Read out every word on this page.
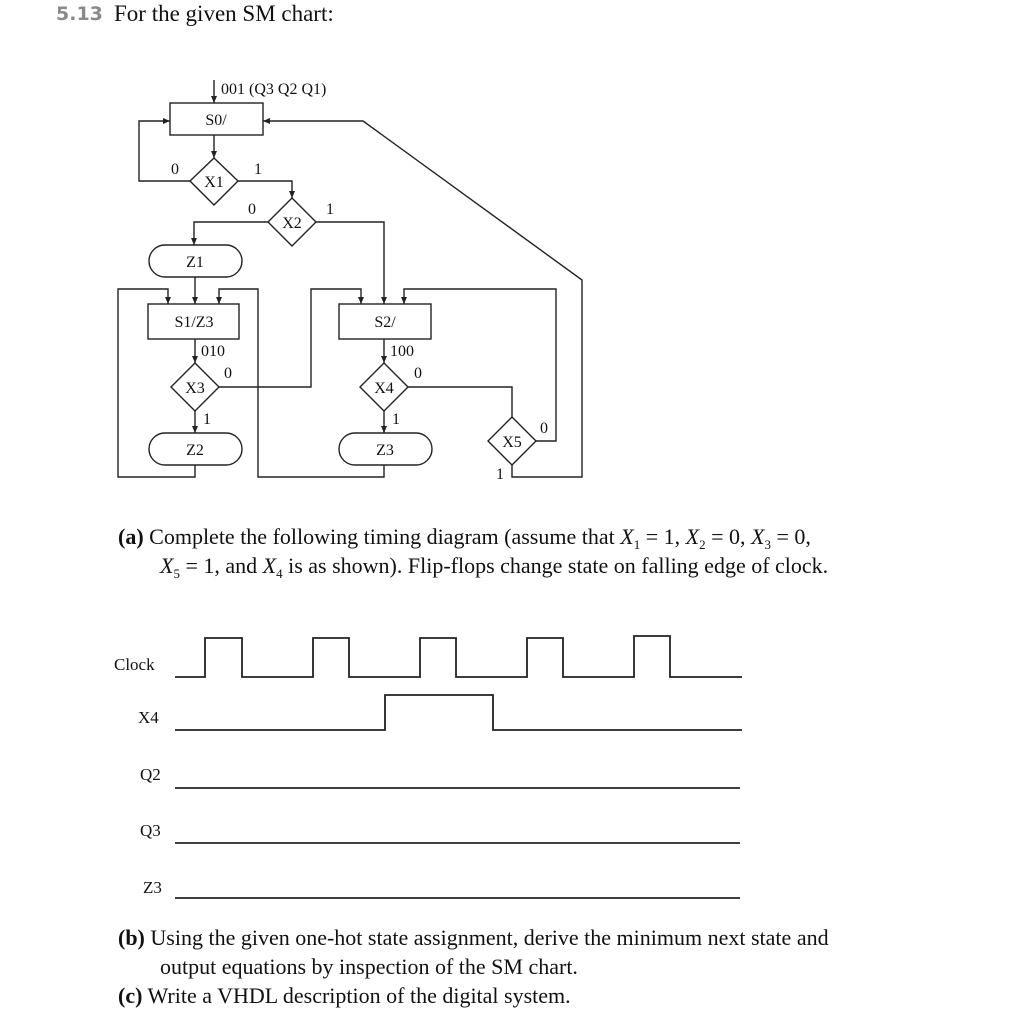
5.13 For the given SM chart:
001 (Q3 Q2 Q1)
S0/
X1
0	1
X2
0	1
Z1
S1/Z3
010
X3
0
1
Z2
S2/
100
X4
0
1
Z3	X5
0
1
Clock
X4
Q2
Q3
Z3
(a) Complete the following timing diagram (assume that $X_1 = 1$, $X_2 = 0$, $X_3 = 0$,
$X_5 = 1$, and $X_4$ is as shown). Flip-flops change state on falling edge of clock.
(b) Using the given one-hot state assignment, derive the minimum next state and
output equations by inspection of the SM chart.
(c) Write a VHDL description of the digital system.
